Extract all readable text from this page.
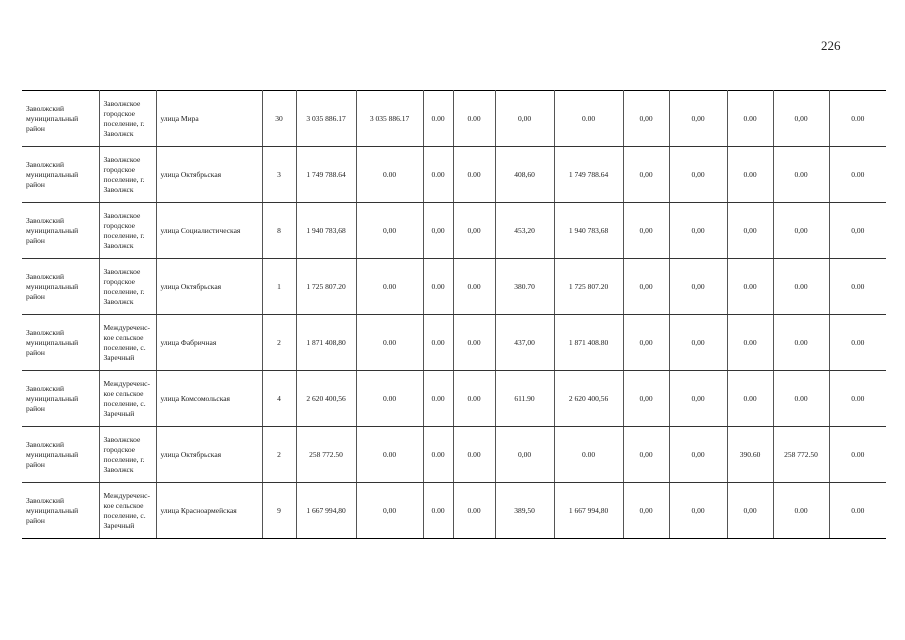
226
Заволжский муниципальный район	Заволжское городское поселение, г. Заволжск	улица Мира	30	3 035 886.17	3 035 886.17	0.00	0.00	0,00	0.00	0,00	0,00	0.00	0,00	0.00
Заволжский муниципальный район	Заволжское городское поселение, г. Заволжск	улица Октябрьская	3	1 749 788.64	0.00	0.00	0.00	408,60	1 749 788.64	0,00	0,00	0.00	0.00	0.00
Заволжский муниципальный район	Заволжское городское поселение, г. Заволжск	улица Социалистическая	8	1 940 783,68	0,00	0,00	0,00	453,20	1 940 783,68	0,00	0,00	0,00	0,00	0,00
Заволжский муниципальный район	Заволжское городское поселение, г. Заволжск	улица Октябрьская	1	1 725 807.20	0.00	0.00	0.00	380.70	1 725 807.20	0,00	0,00	0.00	0.00	0.00
Заволжский муниципальный район	Междуреченс-кое сельское поселение, с. Заречный	улица Фабричная	2	1 871 408,80	0.00	0.00	0.00	437,00	1 871 408.80	0,00	0,00	0.00	0.00	0.00
Заволжский муниципальный район	Междуреченс-кое сельское поселение, с. Заречный	улица Комсомольская	4	2 620 400,56	0.00	0.00	0.00	611.90	2 620 400,56	0,00	0,00	0.00	0.00	0.00
Заволжский муниципальный район	Заволжское городское поселение, г. Заволжск	улица Октябрьская	2	258 772.50	0.00	0.00	0.00	0,00	0.00	0,00	0,00	390.60	258 772.50	0.00
Заволжский муниципальный район	Междуреченс-кое сельское поселение, с. Заречный	улица Красноармейская	9	1 667 994,80	0,00	0.00	0.00	389,50	1 667 994,80	0,00	0,00	0,00	0.00	0.00
